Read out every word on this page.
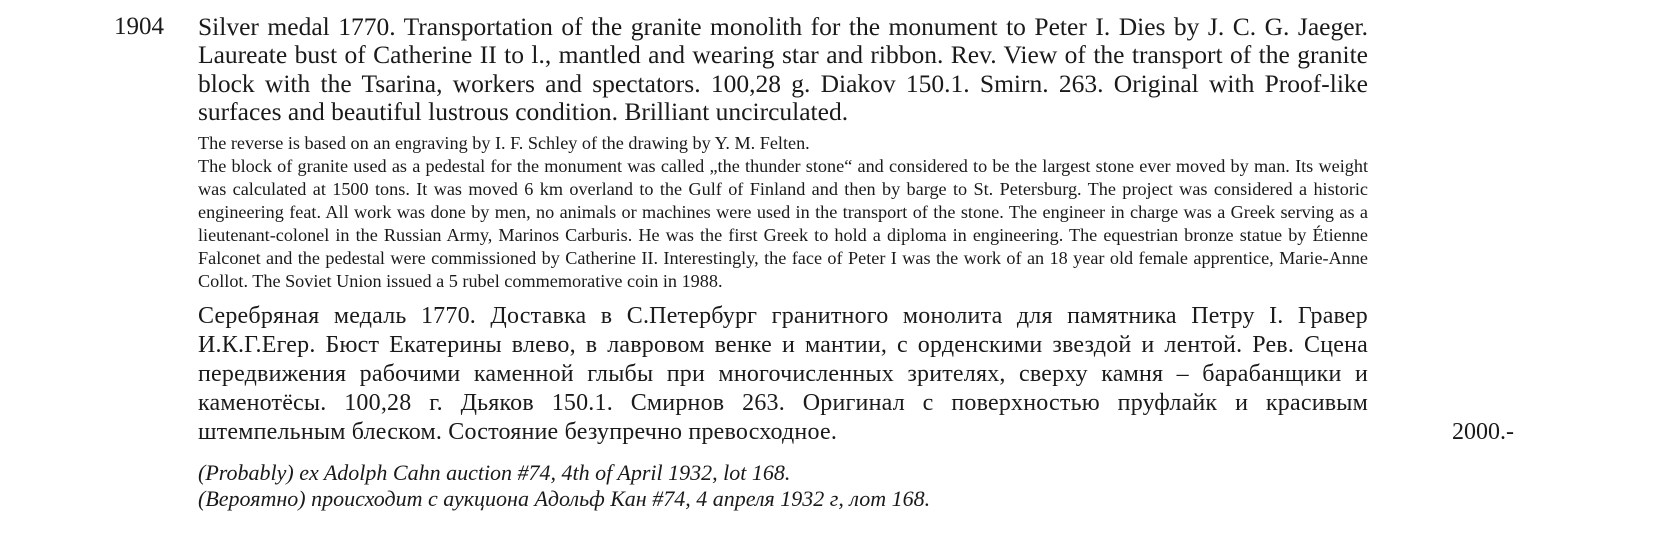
1904 Silver medal 1770. Transportation of the granite monolith for the monument to Peter I. Dies by J. C. G. Jaeger. Laureate bust of Catherine II to l., mantled and wearing star and ribbon. Rev. View of the transport of the granite block with the Tsarina, workers and spectators. 100,28 g. Diakov 150.1. Smirn. 263. Original with Proof-like surfaces and beautiful lustrous condition. Brilliant uncirculated.
The reverse is based on an engraving by I. F. Schley of the drawing by Y. M. Felten.
The block of granite used as a pedestal for the monument was called „the thunder stone“ and considered to be the largest stone ever moved by man. Its weight was calculated at 1500 tons. It was moved 6 km overland to the Gulf of Finland and then by barge to St. Petersburg. The project was considered a historic engineering feat. All work was done by men, no animals or machines were used in the transport of the stone. The engineer in charge was a Greek serving as a lieutenant-colonel in the Russian Army, Marinos Carburis. He was the first Greek to hold a diploma in engineering. The equestrian bronze statue by Étienne Falconet and the pedestal were commissioned by Catherine II. Interestingly, the face of Peter I was the work of an 18 year old female apprentice, Marie-Anne Collot. The Soviet Union issued a 5 rubel commemorative coin in 1988.
Серебряная медаль 1770. Доставка в С.Петербург гранитного монолита для памятника Петру I. Гравер И.К.Г.Егер. Бюст Екатерины влево, в лавровом венке и мантии, с орденскими звездой и лентой. Рев. Сцена передвижения рабочими каменной глыбы при многочисленных зрителях, сверху камня – барабанщики и каменотёсы. 100,28 г. Дьяков 150.1. Смирнов 263. Оригинал с поверхностью пруфлайк и красивым штемпельным блеском. Состояние безупречно превосходное.	2000.-
(Probably) ex Adolph Cahn auction #74, 4th of April 1932, lot 168.
(Вероятно) происходит с аукциона Адольф Кан #74, 4 апреля 1932 г, лот 168.
